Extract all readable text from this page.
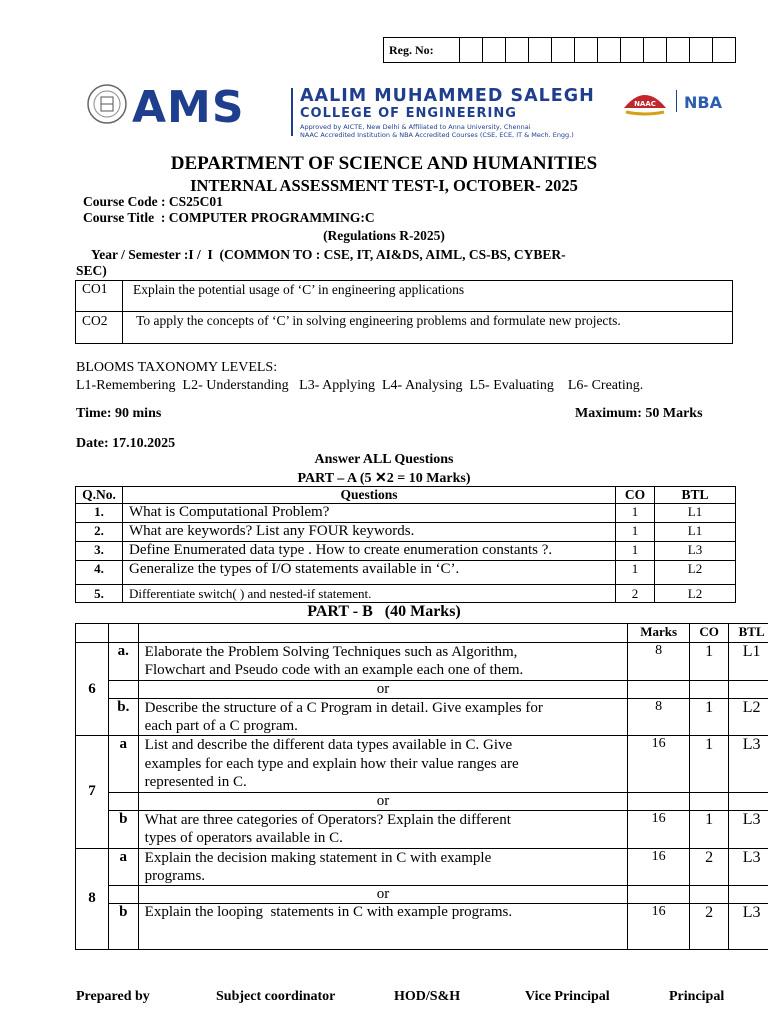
Reg. No:												
AMS	AALIM MUHAMMED SALEGH
COLLEGE OF ENGINEERING
Approved by AICTE, New Delhi & Affiliated to Anna University, Chennai
NAAC Accredited Institution & NBA Accredited Courses (CSE, ECE, IT & Mech. Engg.)
NAAC NBA
DEPARTMENT OF SCIENCE AND HUMANITIES
INTERNAL ASSESSMENT TEST-I, OCTOBER- 2025
Course Code : CS25C01
Course Title  : COMPUTER PROGRAMMING:C
(Regulations R-2025)
Year / Semester :I /  I  (COMMON TO : CSE, IT, AI&DS, AIML, CS-BS, CYBER-
SEC)
CO1	Explain the potential usage of ‘C’ in engineering applications
CO2	To apply the concepts of ‘C’ in solving engineering problems and formulate new projects.
BLOOMS TAXONOMY LEVELS:
L1-Remembering  L2- Understanding   L3- Applying  L4- Analysing  L5- Evaluating    L6- Creating.
Time: 90 mins	Maximum: 50 Marks
Date: 17.10.2025
Answer ALL Questions
PART – A (5 ✕2 = 10 Marks)
Q.No.	Questions	CO	BTL
1.	What is Computational Problem?	1	L1
2.	What are keywords? List any FOUR keywords.	1	L1
3.	Define Enumerated data type . How to create enumeration constants ?.	1	L3
4.	Generalize the types of I/O statements available in ‘C’.	1	L2
5.	Differentiate switch( ) and nested-if statement.	2	L2
PART - B   (40 Marks)
			Marks	CO	BTL
6	a.	Elaborate the Problem Solving Techniques such as Algorithm,
Flowchart and Pseudo code with an example each one of them.	8	1	L1
		or			
	b.	Describe the structure of a C Program in detail. Give examples for
each part of a C program.	8	1	L2
7	a	List and describe the different data types available in C. Give
examples for each type and explain how their value ranges are
represented in C.	16	1	L3
		or			
	b	What are three categories of Operators? Explain the different
types of operators available in C.	16	1	L3
8	a	Explain the decision making statement in C with example
programs.	16	2	L3
		or			
	b	Explain the looping  statements in C with example programs.	16	2	L3
Prepared by	Subject coordinator	HOD/S&H	Vice Principal	Principal
